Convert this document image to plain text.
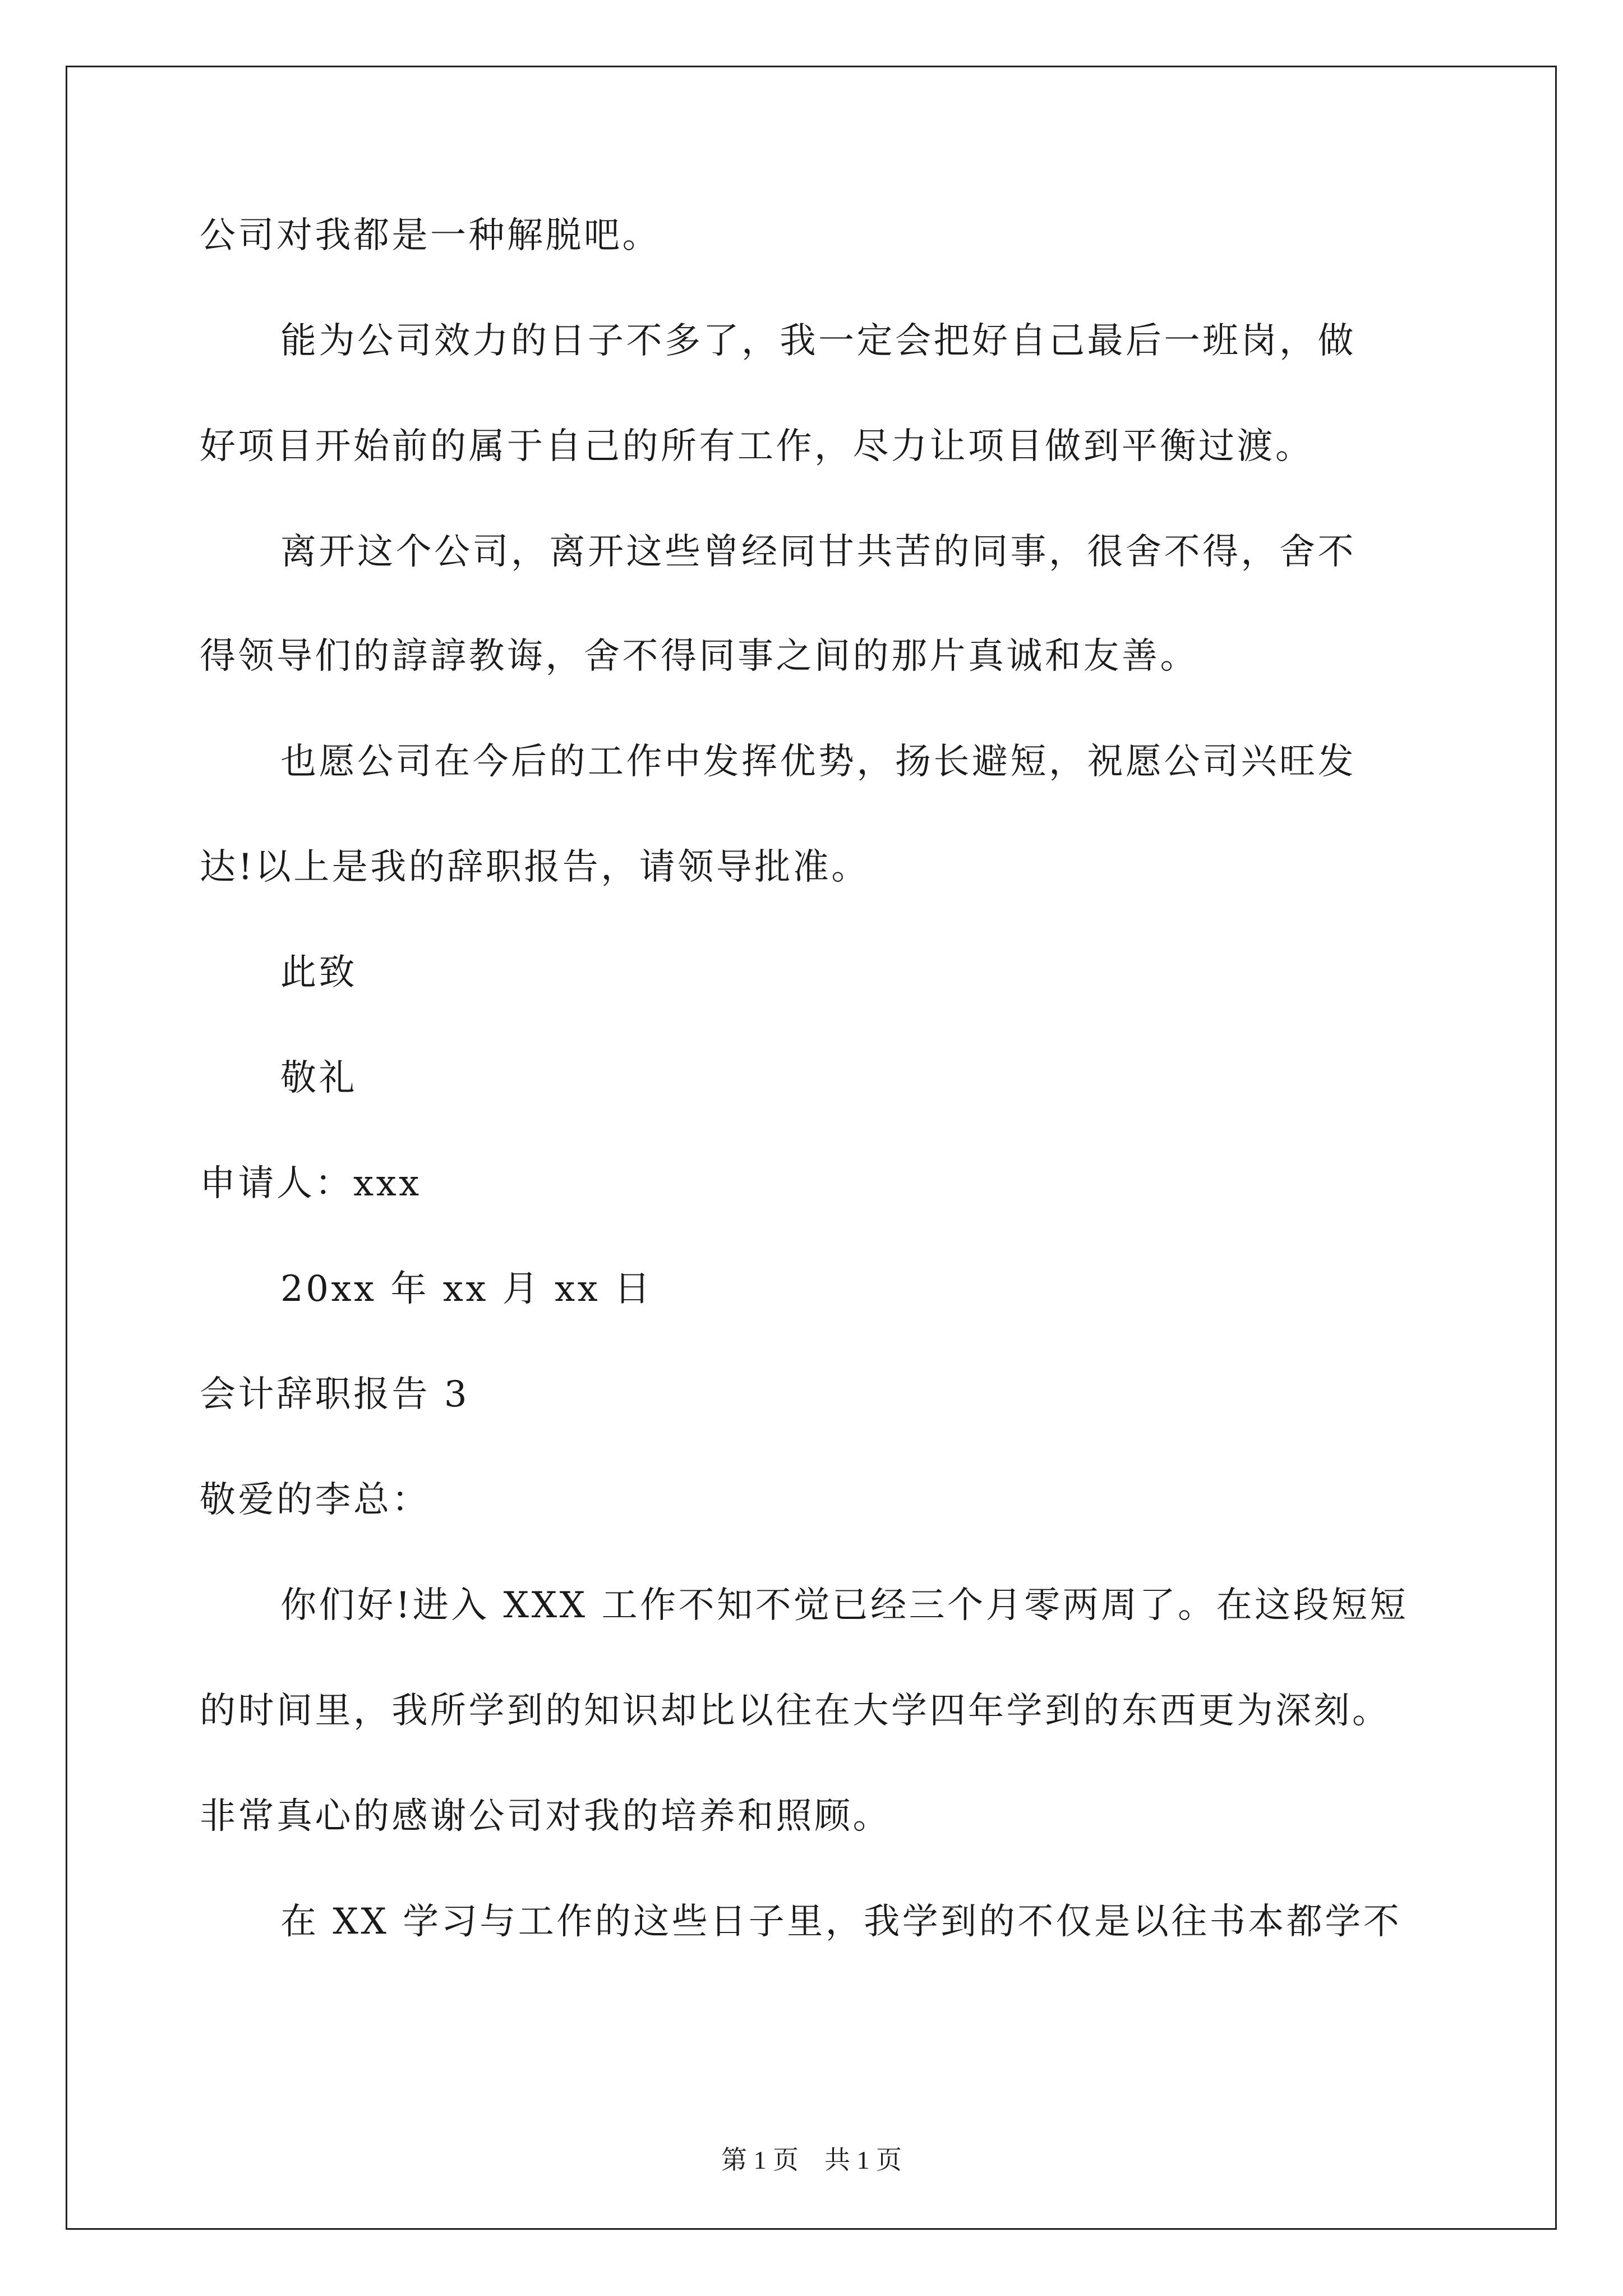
公司对我都是一种解脱吧。
能为公司效力的日子不多了，我一定会把好自己最后一班岗，做
好项目开始前的属于自己的所有工作，尽力让项目做到平衡过渡。
离开这个公司，离开这些曾经同甘共苦的同事，很舍不得，舍不
得领导们的諄諄教诲，舍不得同事之间的那片真诚和友善。
也愿公司在今后的工作中发挥优势，扬长避短，祝愿公司兴旺发
达!以上是我的辞职报告，请领导批准。
此致
敬礼
申请人：xxx
20xx 年 xx 月 xx 日
会计辞职报告 3
敬爱的李总：
你们好!进入 XXX 工作不知不觉已经三个月零两周了。在这段短短
的时间里，我所学到的知识却比以往在大学四年学到的东西更为深刻。
非常真心的感谢公司对我的培养和照顾。
在 XX 学习与工作的这些日子里，我学到的不仅是以往书本都学不
第 1 页　共 1 页
